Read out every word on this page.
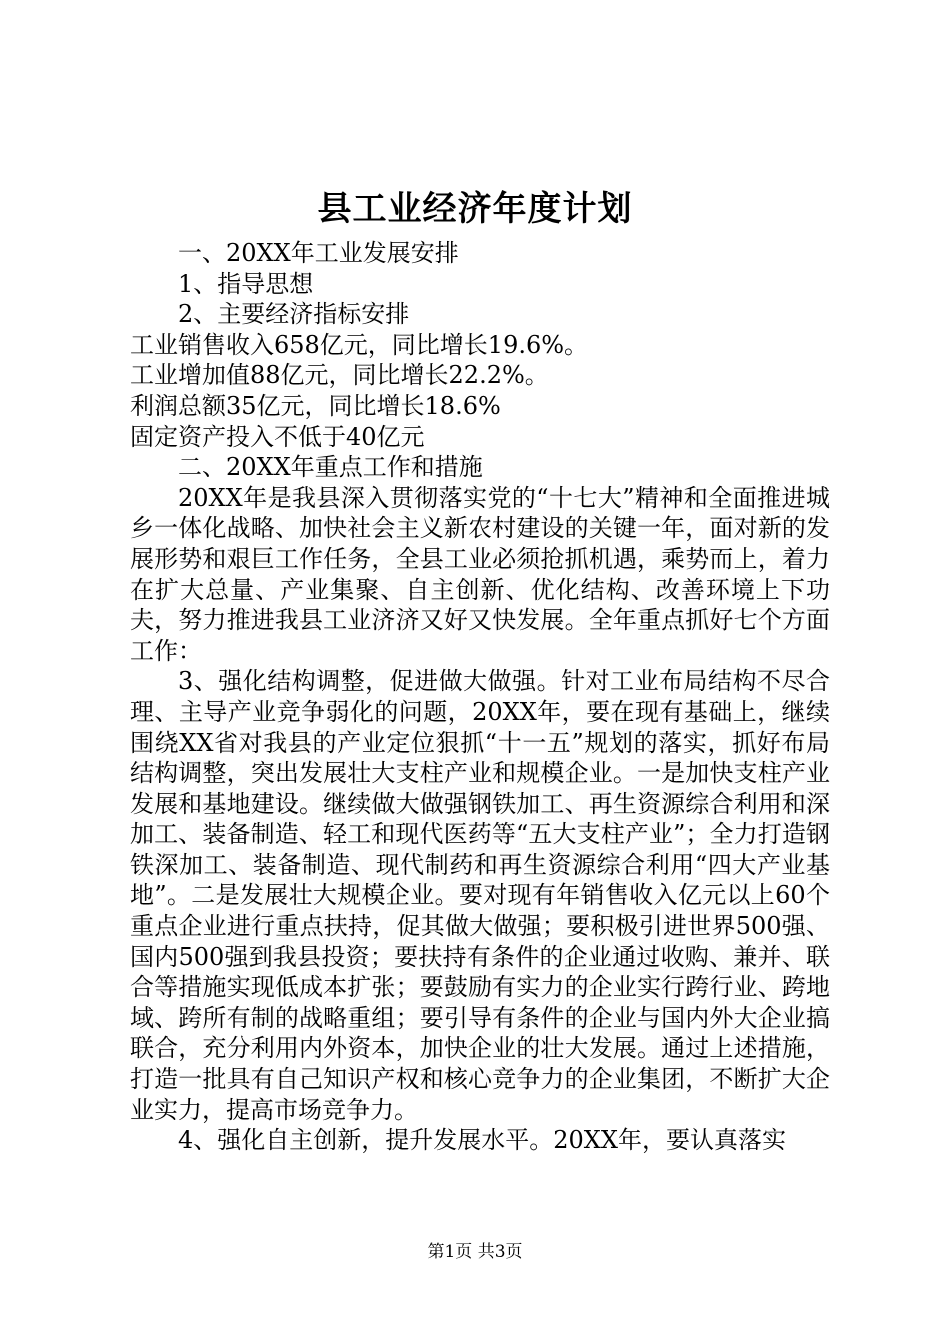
县工业经济年度计划

一、20XX年工业发展安排

1、指导思想

2、主要经济指标安排

工业销售收入658亿元，同比增长19.6%。

工业增加值88亿元，同比增长22.2%。

利润总额35亿元，同比增长18.6%

固定资产投入不低于40亿元

二、20XX年重点工作和措施

20XX年是我县深入贯彻落实党的“十七大”精神和全面推进城乡一体化战略、加快社会主义新农村建设的关键一年，面对新的发展形势和艰巨工作任务，全县工业必须抢抓机遇，乘势而上，着力在扩大总量、产业集聚、自主创新、优化结构、改善环境上下功夫，努力推进我县工业济济又好又快发展。全年重点抓好七个方面工作：

3、强化结构调整，促进做大做强。针对工业布局结构不尽合理、主导产业竞争弱化的问题，20XX年，要在现有基础上，继续围绕XX省对我县的产业定位狠抓“十一五”规划的落实，抓好布局结构调整，突出发展壮大支柱产业和规模企业。一是加快支柱产业发展和基地建设。继续做大做强钢铁加工、再生资源综合利用和深加工、装备制造、轻工和现代医药等“五大支柱产业”；全力打造钢铁深加工、装备制造、现代制药和再生资源综合利用“四大产业基地”。二是发展壮大规模企业。要对现有年销售收入亿元以上60个重点企业进行重点扶持，促其做大做强；要积极引进世界500强、国内500强到我县投资；要扶持有条件的企业通过收购、兼并、联合等措施实现低成本扩张；要鼓励有实力的企业实行跨行业、跨地域、跨所有制的战略重组；要引导有条件的企业与国内外大企业搞联合，充分利用内外资本，加快企业的壮大发展。通过上述措施，打造一批具有自己知识产权和核心竞争力的企业集团，不断扩大企业实力，提高市场竞争力。

4、强化自主创新，提升发展水平。20XX年，要认真落实

第1页 共3页
